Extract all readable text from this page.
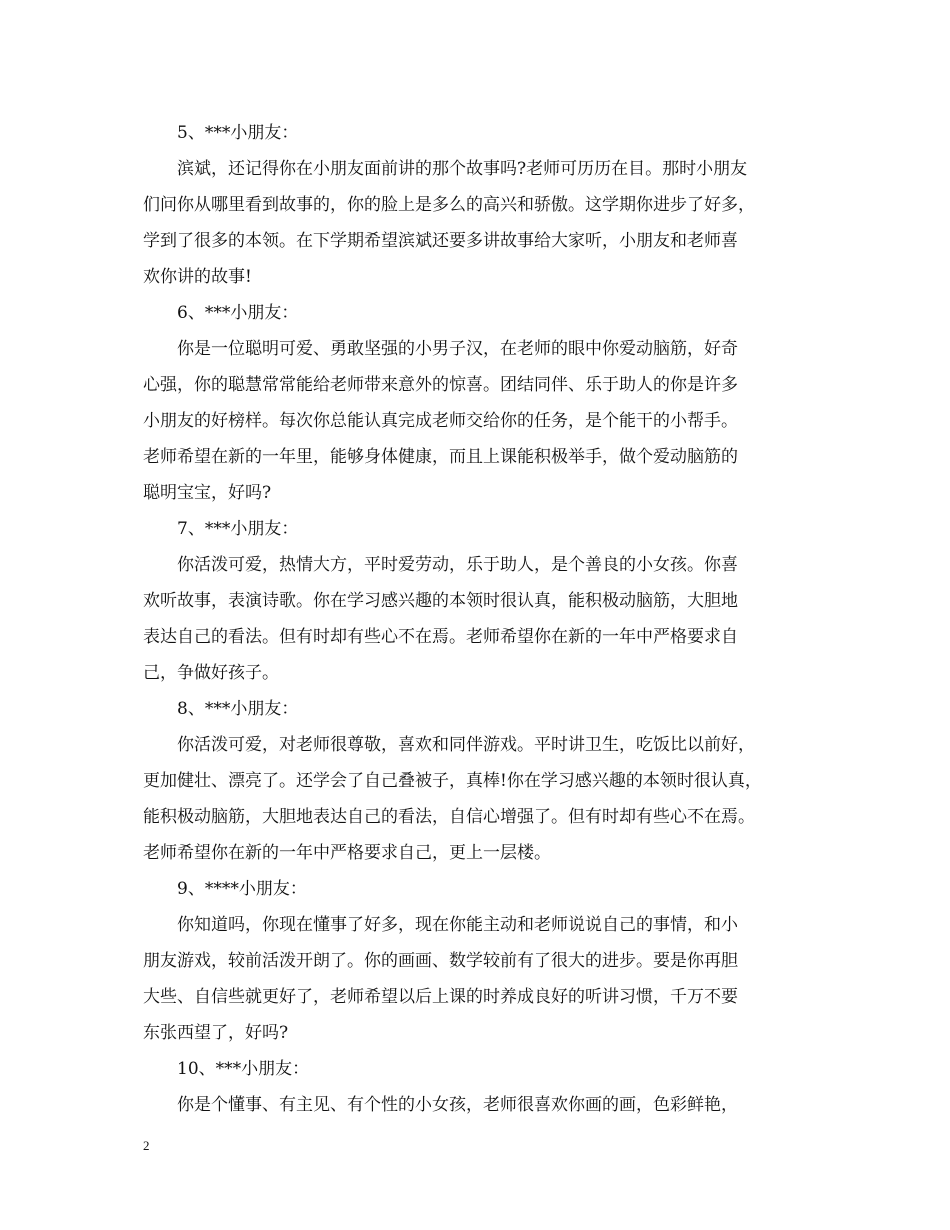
5、***小朋友：

滨斌，还记得你在小朋友面前讲的那个故事吗?老师可历历在目。那时小朋友
们问你从哪里看到故事的，你的脸上是多么的高兴和骄傲。这学期你进步了好多，
学到了很多的本领。在下学期希望滨斌还要多讲故事给大家听，小朋友和老师喜
欢你讲的故事!

6、***小朋友：

你是一位聪明可爱、勇敢坚强的小男子汉，在老师的眼中你爱动脑筋，好奇
心强，你的聪慧常常能给老师带来意外的惊喜。团结同伴、乐于助人的你是许多
小朋友的好榜样。每次你总能认真完成老师交给你的任务，是个能干的小帮手。
老师希望在新的一年里，能够身体健康，而且上课能积极举手，做个爱动脑筋的
聪明宝宝，好吗?

7、***小朋友：

你活泼可爱，热情大方，平时爱劳动，乐于助人，是个善良的小女孩。你喜
欢听故事，表演诗歌。你在学习感兴趣的本领时很认真，能积极动脑筋，大胆地
表达自己的看法。但有时却有些心不在焉。老师希望你在新的一年中严格要求自
己，争做好孩子。

8、***小朋友：

你活泼可爱，对老师很尊敬，喜欢和同伴游戏。平时讲卫生，吃饭比以前好，
更加健壮、漂亮了。还学会了自己叠被子，真棒!你在学习感兴趣的本领时很认真，
能积极动脑筋，大胆地表达自己的看法，自信心增强了。但有时却有些心不在焉。
老师希望你在新的一年中严格要求自己，更上一层楼。

9、****小朋友：

你知道吗，你现在懂事了好多，现在你能主动和老师说说自己的事情，和小
朋友游戏，较前活泼开朗了。你的画画、数学较前有了很大的进步。要是你再胆
大些、自信些就更好了，老师希望以后上课的时养成良好的听讲习惯，千万不要
东张西望了，好吗?

10、***小朋友：

你是个懂事、有主见、有个性的小女孩，老师很喜欢你画的画，色彩鲜艳，
2
